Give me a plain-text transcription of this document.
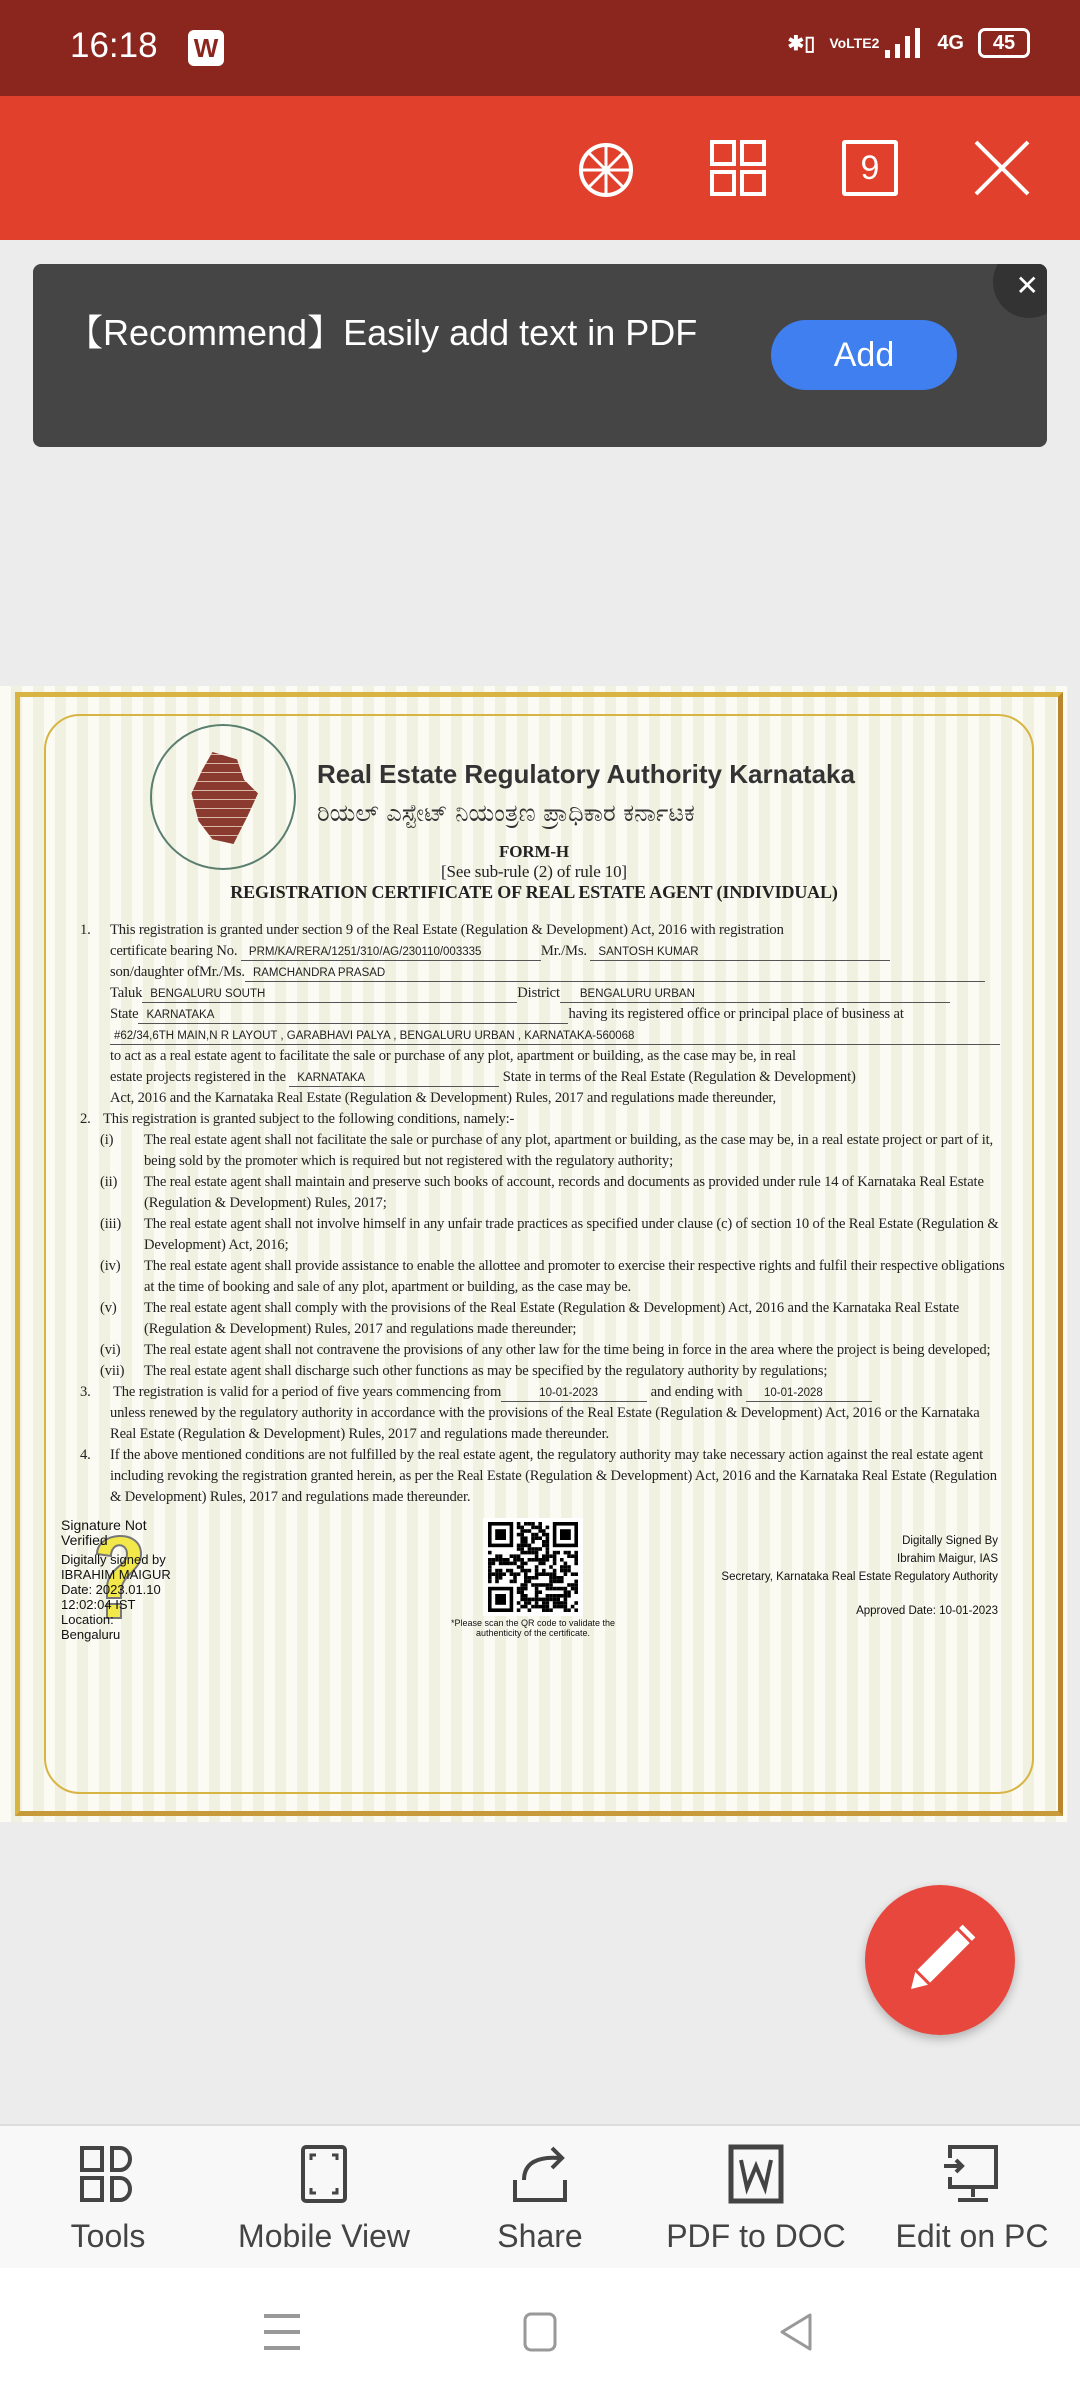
16:18 W	✱▯ VoLTE2	4G	45
9
【Recommend】Easily add text in PDF
Add
✕
Real Estate Regulatory Authority Karnataka
ರಿಯಲ್ ಎಸ್ಟೇಟ್ ನಿಯಂತ್ರಣ ಪ್ರಾಧಿಕಾರ ಕರ್ನಾಟಕ
FORM-H
[See sub-rule (2) of rule 10]
REGISTRATION CERTIFICATE OF REAL ESTATE AGENT (INDIVIDUAL)
1. This registration is granted under section 9 of the Real Estate (Regulation & Development) Act, 2016 with registration
certificate bearing No. PRM/KA/RERA/1251/310/AG/230110/003335	Mr./Ms. SANTOSH KUMAR
son/daughter ofMr./Ms. RAMCHANDRA PRASAD
Taluk BENGALURU SOUTH	District BENGALURU URBAN
State KARNATAKA	having its registered office or principal place of business at
#62/34,6TH MAIN,N R LAYOUT , GARABHAVI PALYA , BENGALURU URBAN , KARNATAKA-560068
to act as a real estate agent to facilitate the sale or purchase of any plot, apartment or building, as the case may be, in real
estate projects registered in the KARNATAKA	State in terms of the Real Estate (Regulation & Development)
Act, 2016 and the Karnataka Real Estate (Regulation & Development) Rules, 2017 and regulations made thereunder,
2. This registration is granted subject to the following conditions, namely:-
(i) The real estate agent shall not facilitate the sale or purchase of any plot, apartment or building, as the case may be, in a real estate project or part of it, being sold by the promoter which is required but not registered with the regulatory authority;
(ii) The real estate agent shall maintain and preserve such books of account, records and documents as provided under rule 14 of Karnataka Real Estate (Regulation & Development) Rules, 2017;
(iii) The real estate agent shall not involve himself in any unfair trade practices as specified under clause (c) of section 10 of the Real Estate (Regulation & Development) Act, 2016;
(iv) The real estate agent shall provide assistance to enable the allottee and promoter to exercise their respective rights and fulfil their respective obligations at the time of booking and sale of any plot, apartment or building, as the case may be.
(v) The real estate agent shall comply with the provisions of the Real Estate (Regulation & Development) Act, 2016 and the Karnataka Real Estate (Regulation & Development) Rules, 2017 and regulations made thereunder;
(vi) The real estate agent shall not contravene the provisions of any other law for the time being in force in the area where the project is being developed;
(vii) The real estate agent shall discharge such other functions as may be specified by the regulatory authority by regulations;
3. The registration is valid for a period of five years commencing from	10-01-2023	and ending with 10-01-2028
unless renewed by the regulatory authority in accordance with the provisions of the Real Estate (Regulation & Development) Act, 2016 or the Karnataka Real Estate (Regulation & Development) Rules, 2017 and regulations made thereunder.
4. If the above mentioned conditions are not fulfilled by the real estate agent, the regulatory authority may take necessary action against the real estate agent including revoking the registration granted herein, as per the Real Estate (Regulation & Development) Act, 2016 and the Karnataka Real Estate (Regulation & Development) Rules, 2017 and regulations made thereunder.
Signature Not Verified
Digitally signed by
IBRAHIM MAIGUR
Date: 2023.01.10
12:02:04 IST
Location:
Bengaluru
*Please scan the QR code to validate the authenticity of the certificate.
Digitally Signed By
Ibrahim Maigur, IAS
Secretary, Karnataka Real Estate Regulatory Authority
Approved Date: 10-01-2023
Tools	Mobile View	Share	PDF to DOC	Edit on PC
